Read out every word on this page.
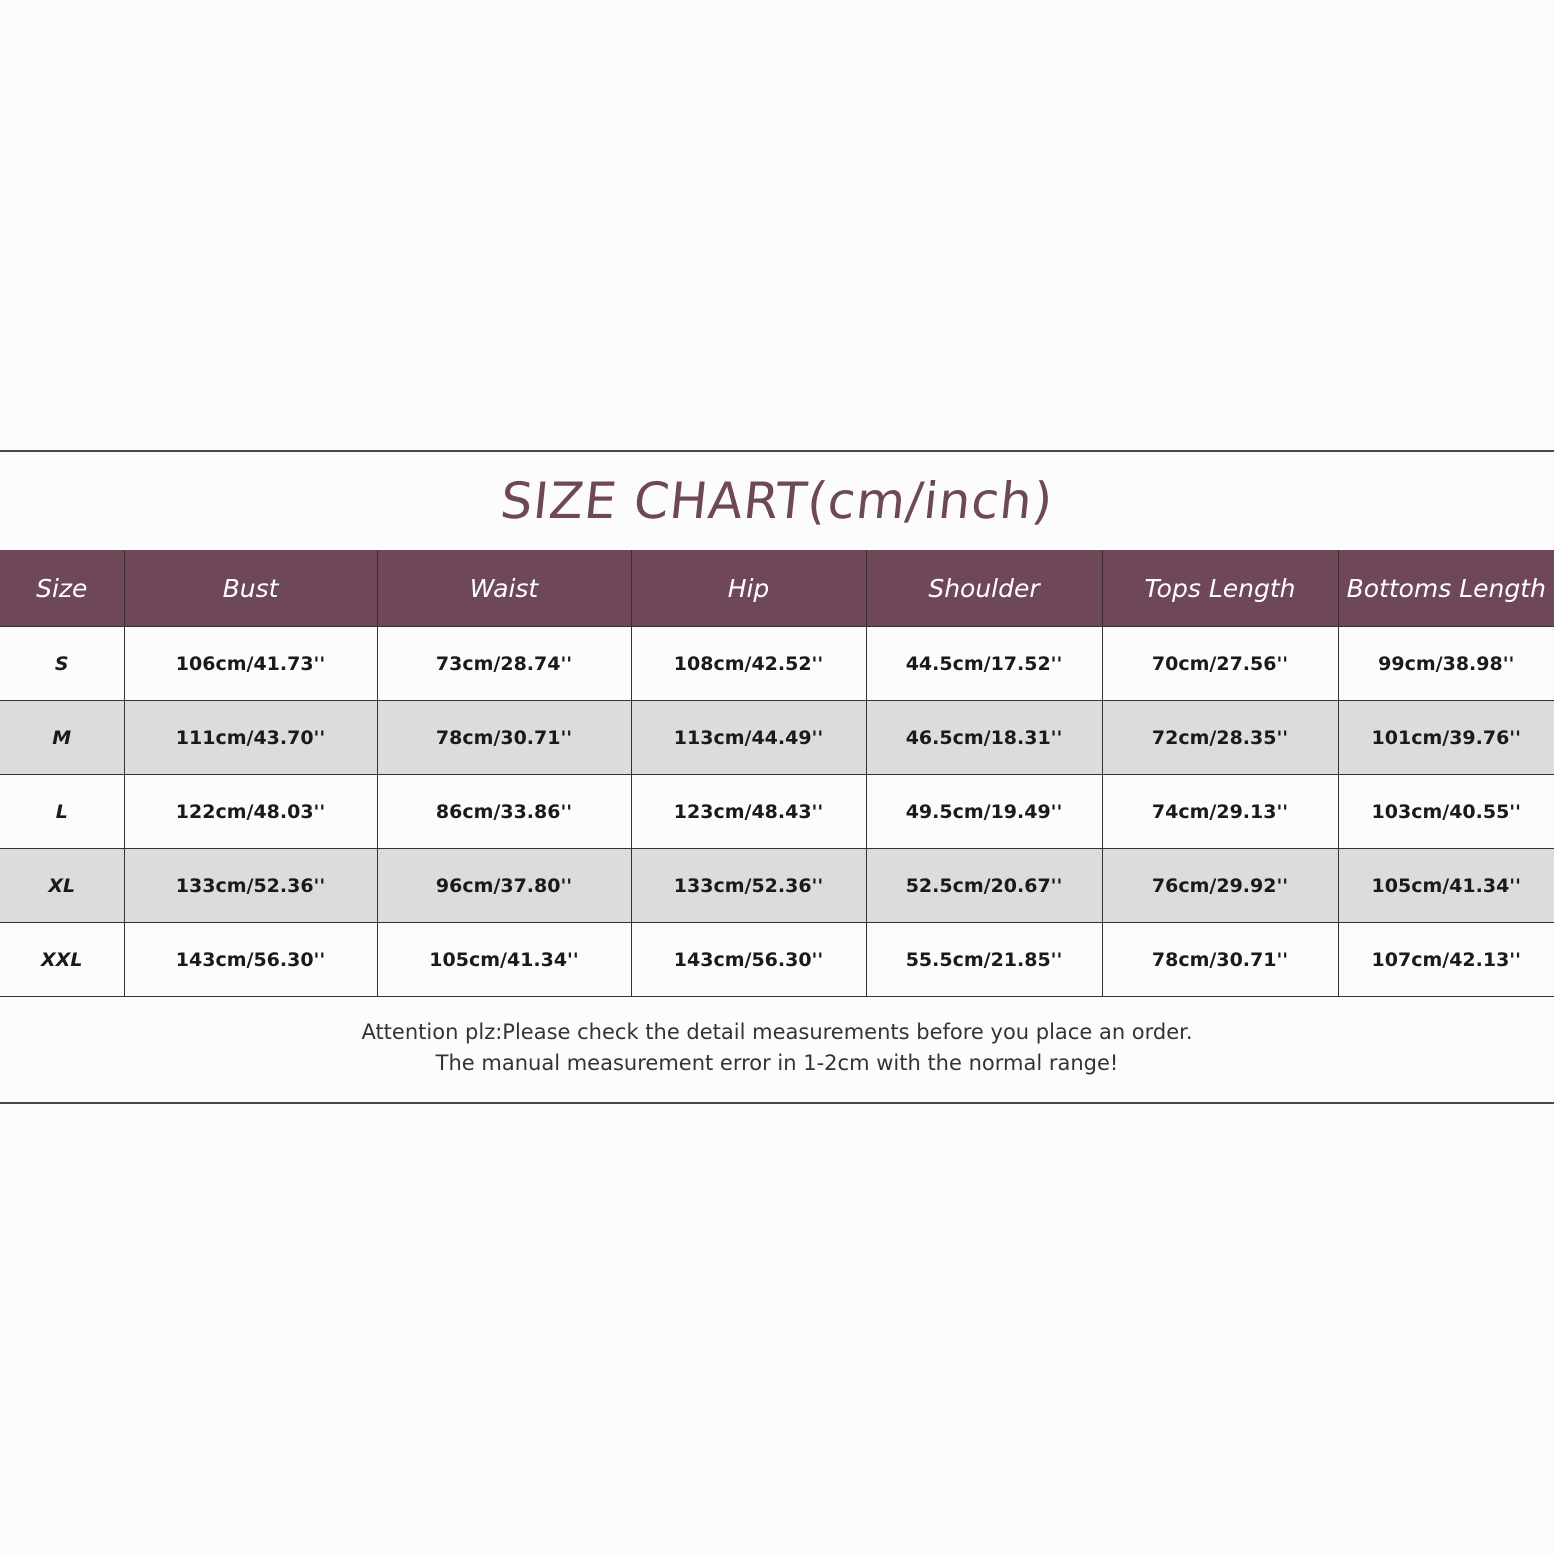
SIZE CHART(cm/inch)
Size	Bust	Waist	Hip	Shoulder	Tops Length	Bottoms Length
S	106cm/41.73''	73cm/28.74''	108cm/42.52''	44.5cm/17.52''	70cm/27.56''	99cm/38.98''
M	111cm/43.70''	78cm/30.71''	113cm/44.49''	46.5cm/18.31''	72cm/28.35''	101cm/39.76''
L	122cm/48.03''	86cm/33.86''	123cm/48.43''	49.5cm/19.49''	74cm/29.13''	103cm/40.55''
XL	133cm/52.36''	96cm/37.80''	133cm/52.36''	52.5cm/20.67''	76cm/29.92''	105cm/41.34''
XXL	143cm/56.30''	105cm/41.34''	143cm/56.30''	55.5cm/21.85''	78cm/30.71''	107cm/42.13''
Attention plz:Please check the detail measurements before you place an order.
The manual measurement error in 1-2cm with the normal range!
